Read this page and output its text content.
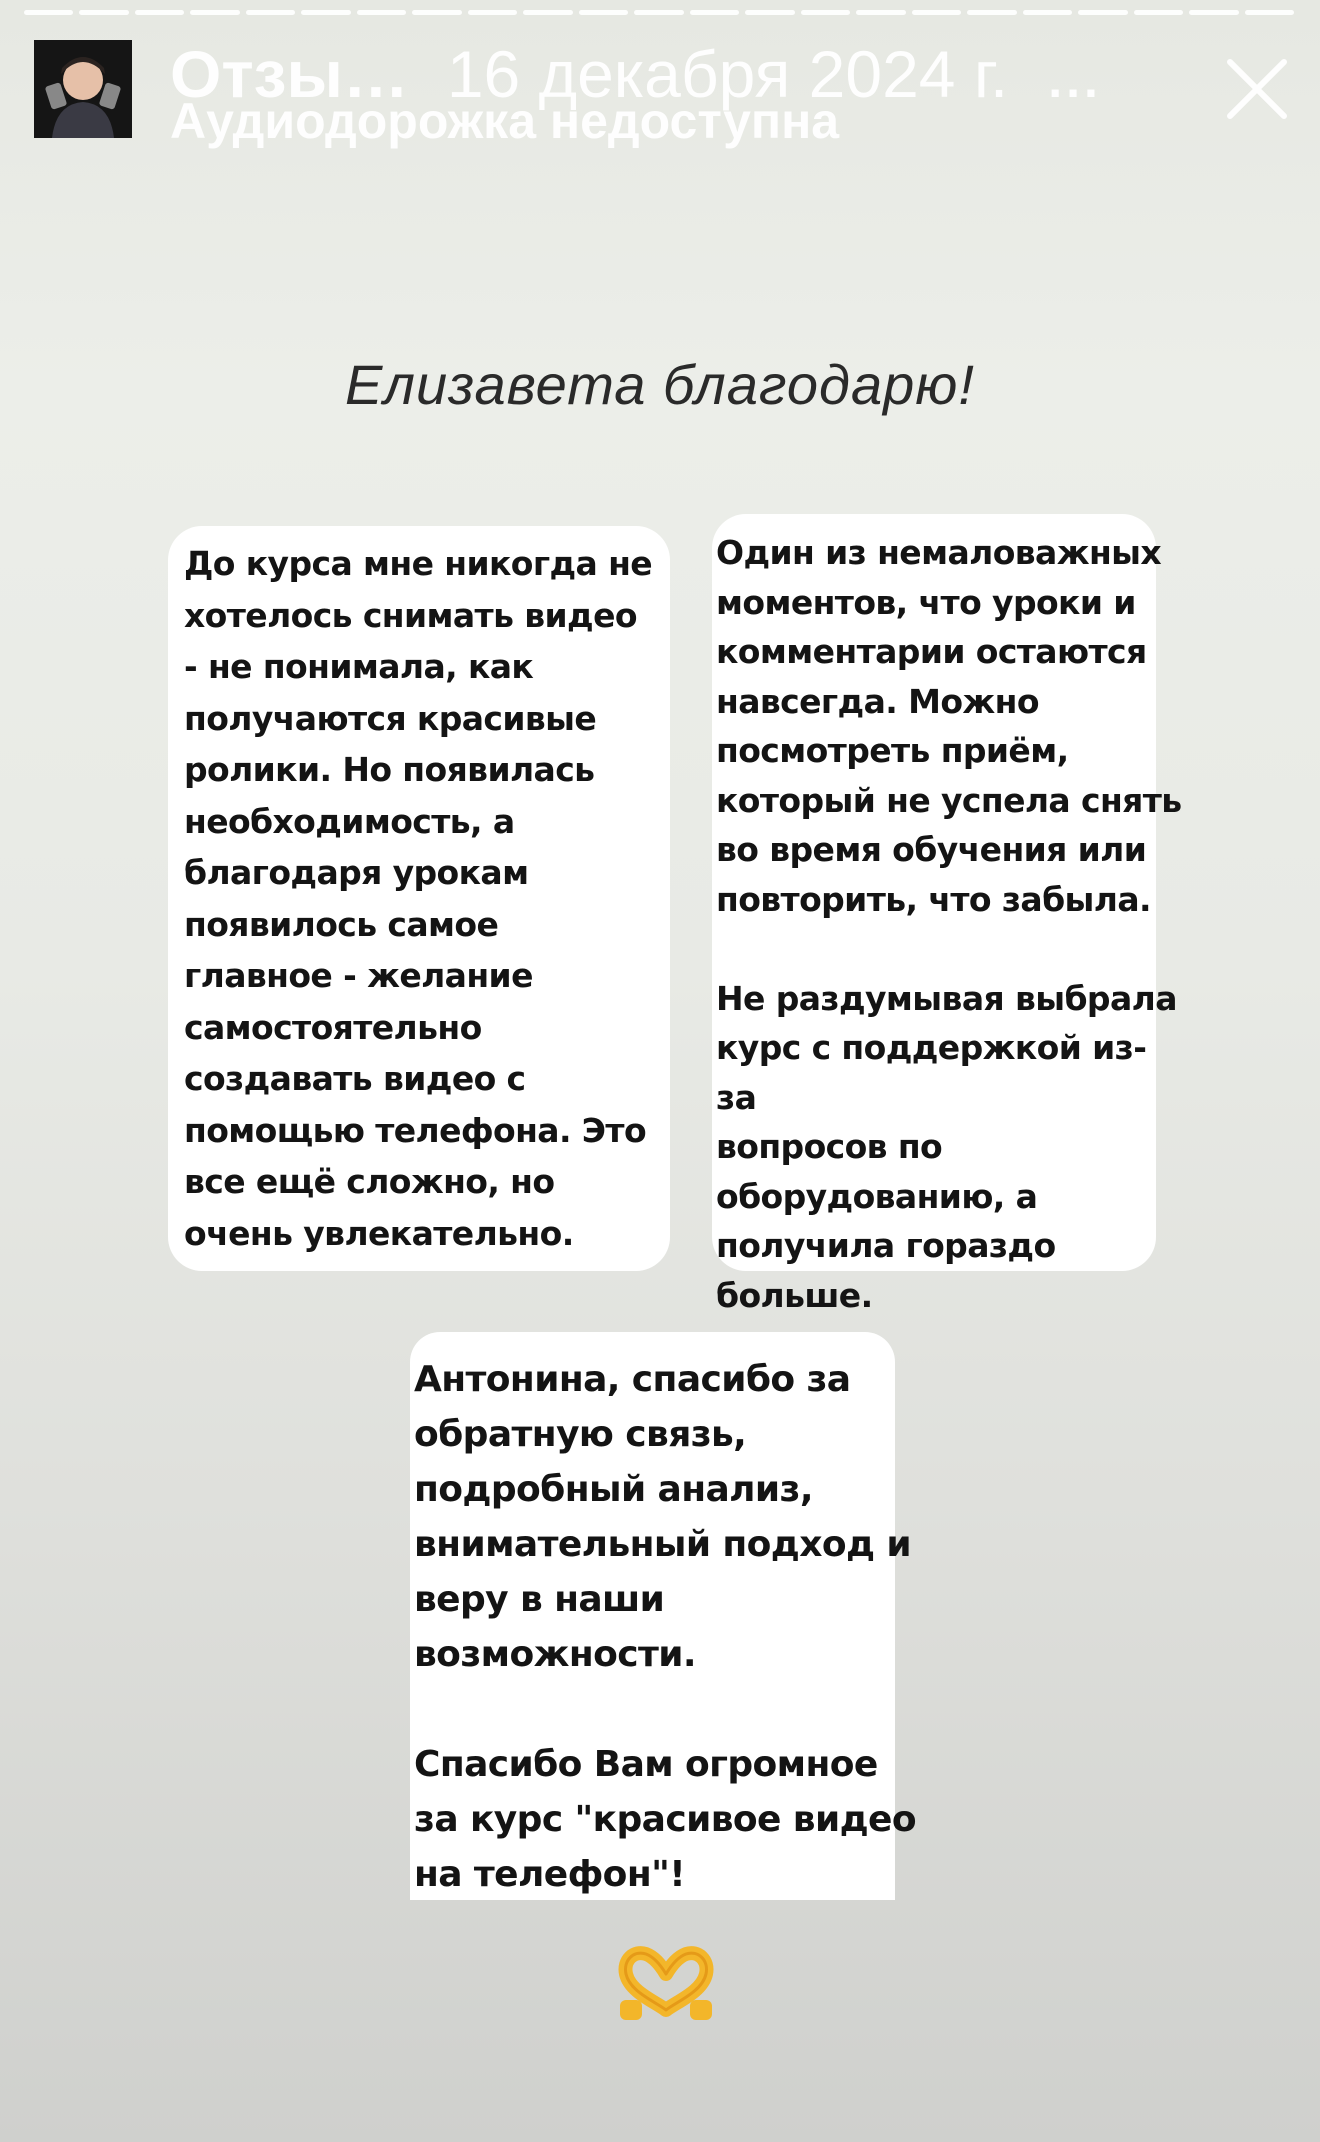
Отзы… 16 декабря 2024 г. ...
Аудиодорожка недоступна
Елизавета благодарю!

До курса мне никогда не
хотелось снимать видео
- не понимала, как
получаются красивые
ролики. Но появилась
необходимость, а
благодаря урокам
появилось самое
главное - желание
самостоятельно
создавать видео с
помощью телефона. Это
все ещё сложно, но
очень увлекательно.

Один из немаловажных
моментов, что уроки и
комментарии остаются
навсегда. Можно
посмотреть приём,
который не успела снять
во время обучения или
повторить, что забыла.

Не раздумывая выбрала
курс с поддержкой из-за
вопросов по
оборудованию, а
получила гораздо
больше.

Антонина, спасибо за
обратную связь,
подробный анализ,
внимательный подход и
веру в наши
возможности.

Спасибо Вам огромное
за курс "красивое видео
на телефон"!
